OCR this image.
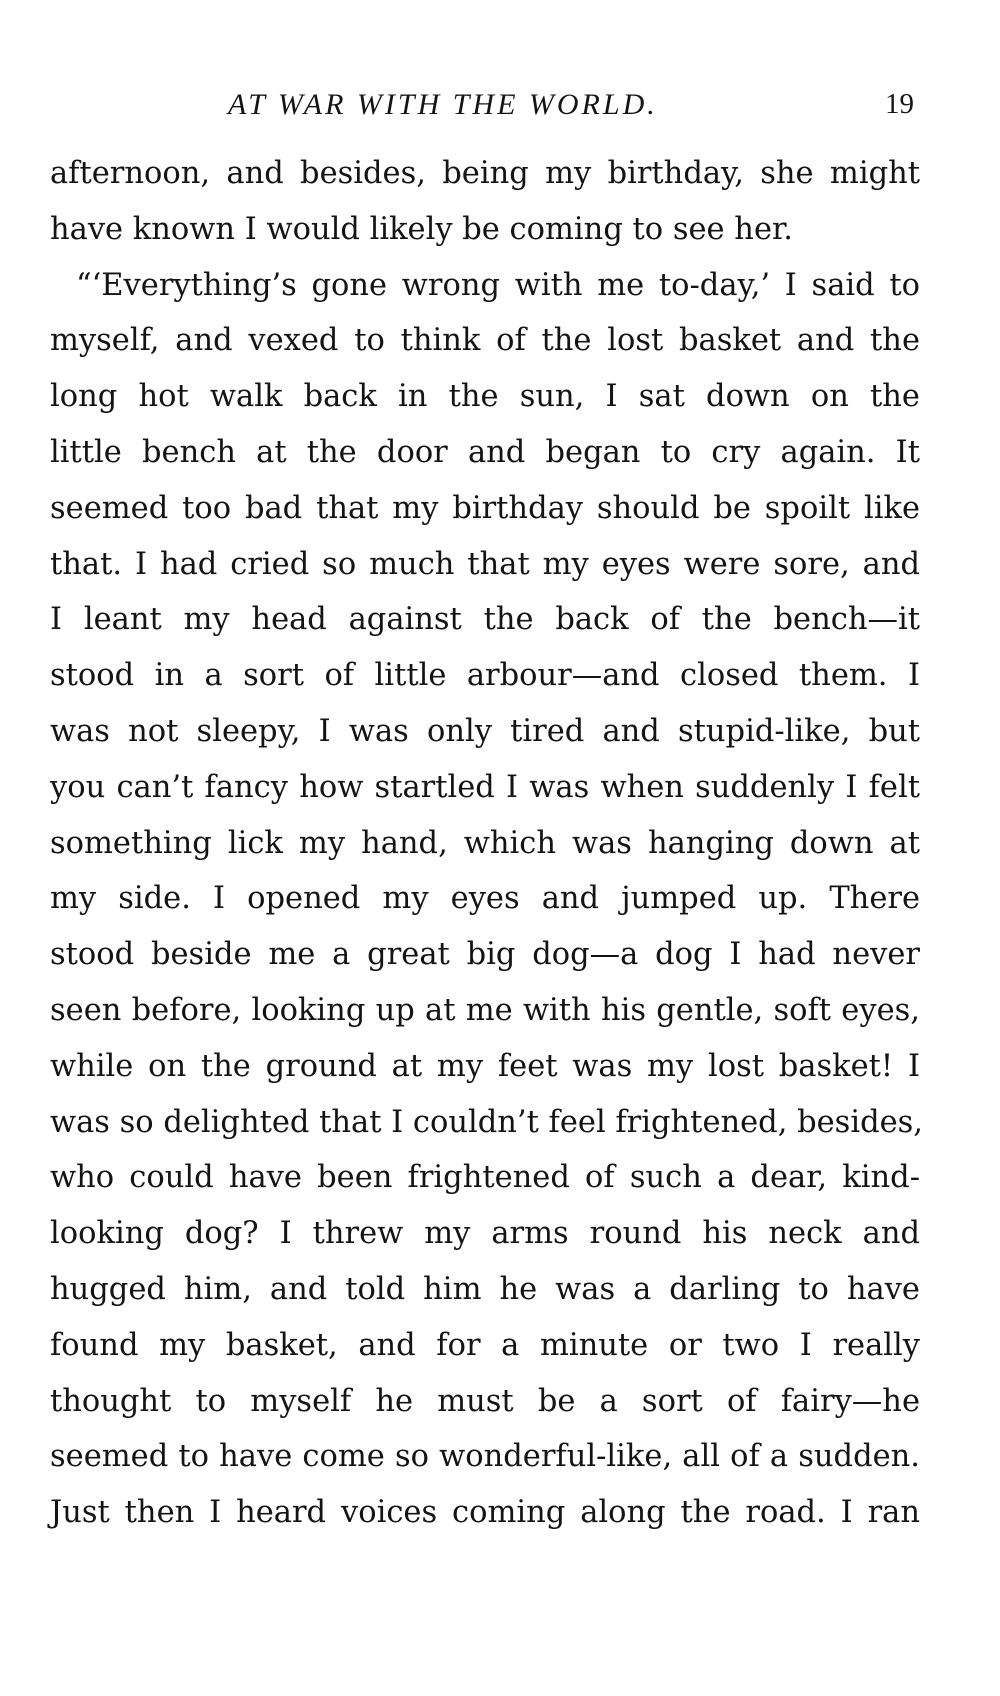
AT WAR WITH THE WORLD.	19
afternoon, and besides, being my birthday, she might
have known I would likely be coming to see her.
“‘Everything’s gone wrong with me to-day,’ I said to
myself, and vexed to think of the lost basket and the
long hot walk back in the sun, I sat down on the
little bench at the door and began to cry again. It
seemed too bad that my birthday should be spoilt like
that. I had cried so much that my eyes were sore, and
I leant my head against the back of the bench—it
stood in a sort of little arbour—and closed them. I
was not sleepy, I was only tired and stupid-like, but
you can’t fancy how startled I was when suddenly I felt
something lick my hand, which was hanging down at
my side. I opened my eyes and jumped up. There
stood beside me a great big dog—a dog I had never
seen before, looking up at me with his gentle, soft eyes,
while on the ground at my feet was my lost basket! I
was so delighted that I couldn’t feel frightened, besides,
who could have been frightened of such a dear, kind-
looking dog? I threw my arms round his neck and
hugged him, and told him he was a darling to have
found my basket, and for a minute or two I really
thought to myself he must be a sort of fairy—he
seemed to have come so wonderful-like, all of a sudden.
Just then I heard voices coming along the road. I ran
